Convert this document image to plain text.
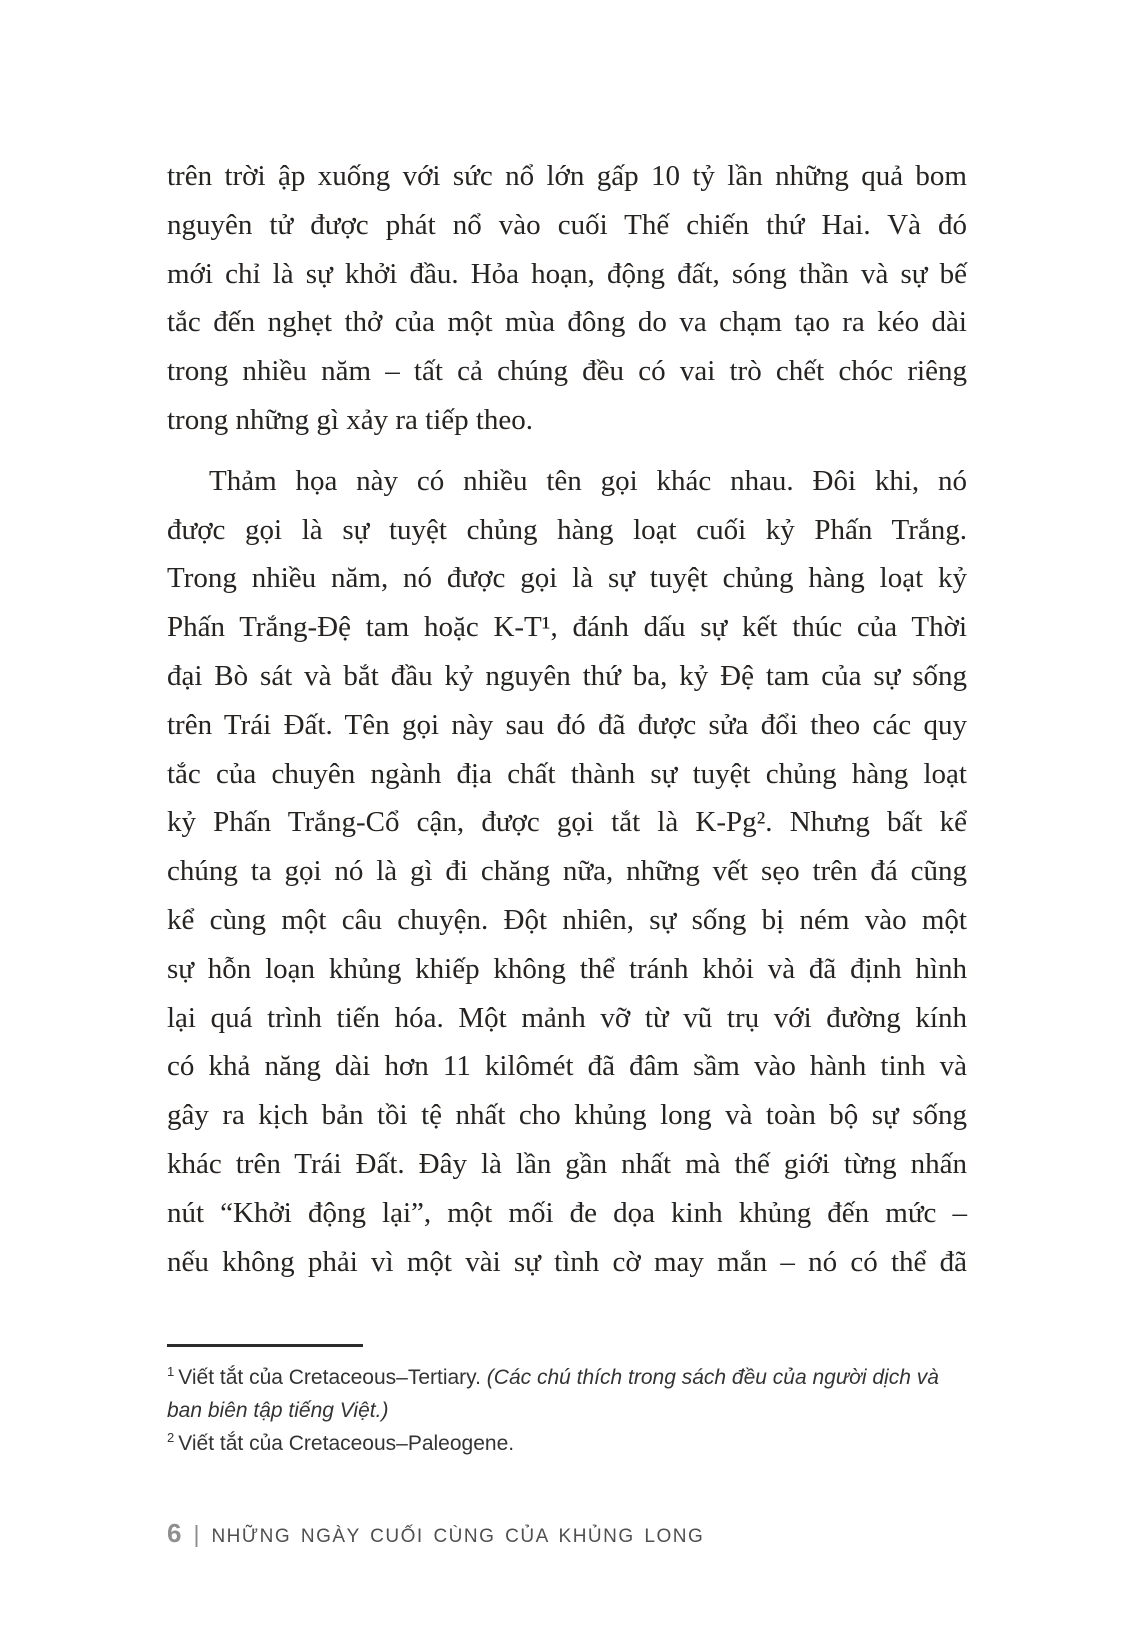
trên trời ập xuống với sức nổ lớn gấp 10 tỷ lần những quả bom
nguyên tử được phát nổ vào cuối Thế chiến thứ Hai. Và đó
mới chỉ là sự khởi đầu. Hỏa hoạn, động đất, sóng thần và sự bế
tắc đến nghẹt thở của một mùa đông do va chạm tạo ra kéo dài
trong nhiều năm – tất cả chúng đều có vai trò chết chóc riêng
trong những gì xảy ra tiếp theo.
Thảm họa này có nhiều tên gọi khác nhau. Đôi khi, nó
được gọi là sự tuyệt chủng hàng loạt cuối kỷ Phấn Trắng.
Trong nhiều năm, nó được gọi là sự tuyệt chủng hàng loạt kỷ
Phấn Trắng-Đệ tam hoặc K-T¹, đánh dấu sự kết thúc của Thời
đại Bò sát và bắt đầu kỷ nguyên thứ ba, kỷ Đệ tam của sự sống
trên Trái Đất. Tên gọi này sau đó đã được sửa đổi theo các quy
tắc của chuyên ngành địa chất thành sự tuyệt chủng hàng loạt
kỷ Phấn Trắng-Cổ cận, được gọi tắt là K-Pg². Nhưng bất kể
chúng ta gọi nó là gì đi chăng nữa, những vết sẹo trên đá cũng
kể cùng một câu chuyện. Đột nhiên, sự sống bị ném vào một
sự hỗn loạn khủng khiếp không thể tránh khỏi và đã định hình
lại quá trình tiến hóa. Một mảnh vỡ từ vũ trụ với đường kính
có khả năng dài hơn 11 kilômét đã đâm sầm vào hành tinh và
gây ra kịch bản tồi tệ nhất cho khủng long và toàn bộ sự sống
khác trên Trái Đất. Đây là lần gần nhất mà thế giới từng nhấn
nút “Khởi động lại”, một mối đe dọa kinh khủng đến mức –
nếu không phải vì một vài sự tình cờ may mắn – nó có thể đã

$^1$ Viết tắt của Cretaceous–Tertiary. (Các chú thích trong sách đều của người dịch và ban biên tập tiếng Việt.)

$^2$ Viết tắt của Cretaceous–Paleogene.

6 | NHỮNG NGÀY CUỐI CÙNG CỦA KHỦNG LONG
